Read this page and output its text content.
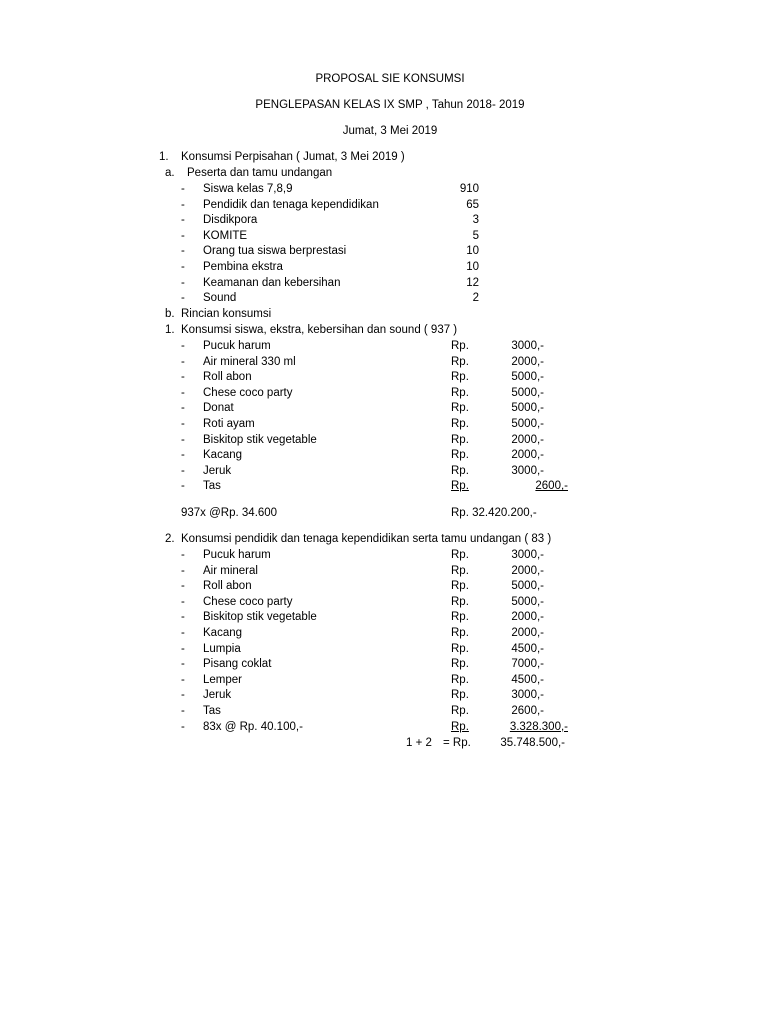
PROPOSAL SIE KONSUMSI
PENGLEPASAN KELAS IX SMP , Tahun 2018- 2019
Jumat, 3 Mei 2019
1. Konsumsi Perpisahan ( Jumat, 3 Mei 2019 )
a. Peserta dan tamu undangan
- Siswa kelas 7,8,9	910
- Pendidik dan tenaga kependidikan	65
- Disdikpora	3
- KOMITE	5
- Orang tua siswa berprestasi	10
- Pembina ekstra	10
- Keamanan dan kebersihan	12
- Sound	2
b. Rincian konsumsi
1. Konsumsi siswa, ekstra, kebersihan dan sound ( 937 )
- Pucuk harum	Rp.	3000,-
- Air mineral 330 ml	Rp.	2000,-
- Roll abon	Rp.	5000,-
- Chese coco party	Rp.	5000,-
- Donat	Rp.	5000,-
- Roti ayam	Rp.	5000,-
- Biskitop stik vegetable	Rp.	2000,-
- Kacang	Rp.	2000,-
- Jeruk	Rp.	3000,-
- Tas	Rp.	2600,-
937x @Rp. 34.600	Rp. 32.420.200,-
2. Konsumsi pendidik dan tenaga kependidikan serta tamu undangan ( 83 )
- Pucuk harum	Rp.	3000,-
- Air mineral	Rp.	2000,-
- Roll abon	Rp.	5000,-
- Chese coco party	Rp.	5000,-
- Biskitop stik vegetable	Rp.	2000,-
- Kacang	Rp.	2000,-
- Lumpia	Rp.	4500,-
- Pisang coklat	Rp.	7000,-
- Lemper	Rp.	4500,-
- Jeruk	Rp.	3000,-
- Tas	Rp.	2600,-
- 83x @ Rp. 40.100,-	Rp.	3.328.300,-
1 + 2 = Rp.	35.748.500,-
